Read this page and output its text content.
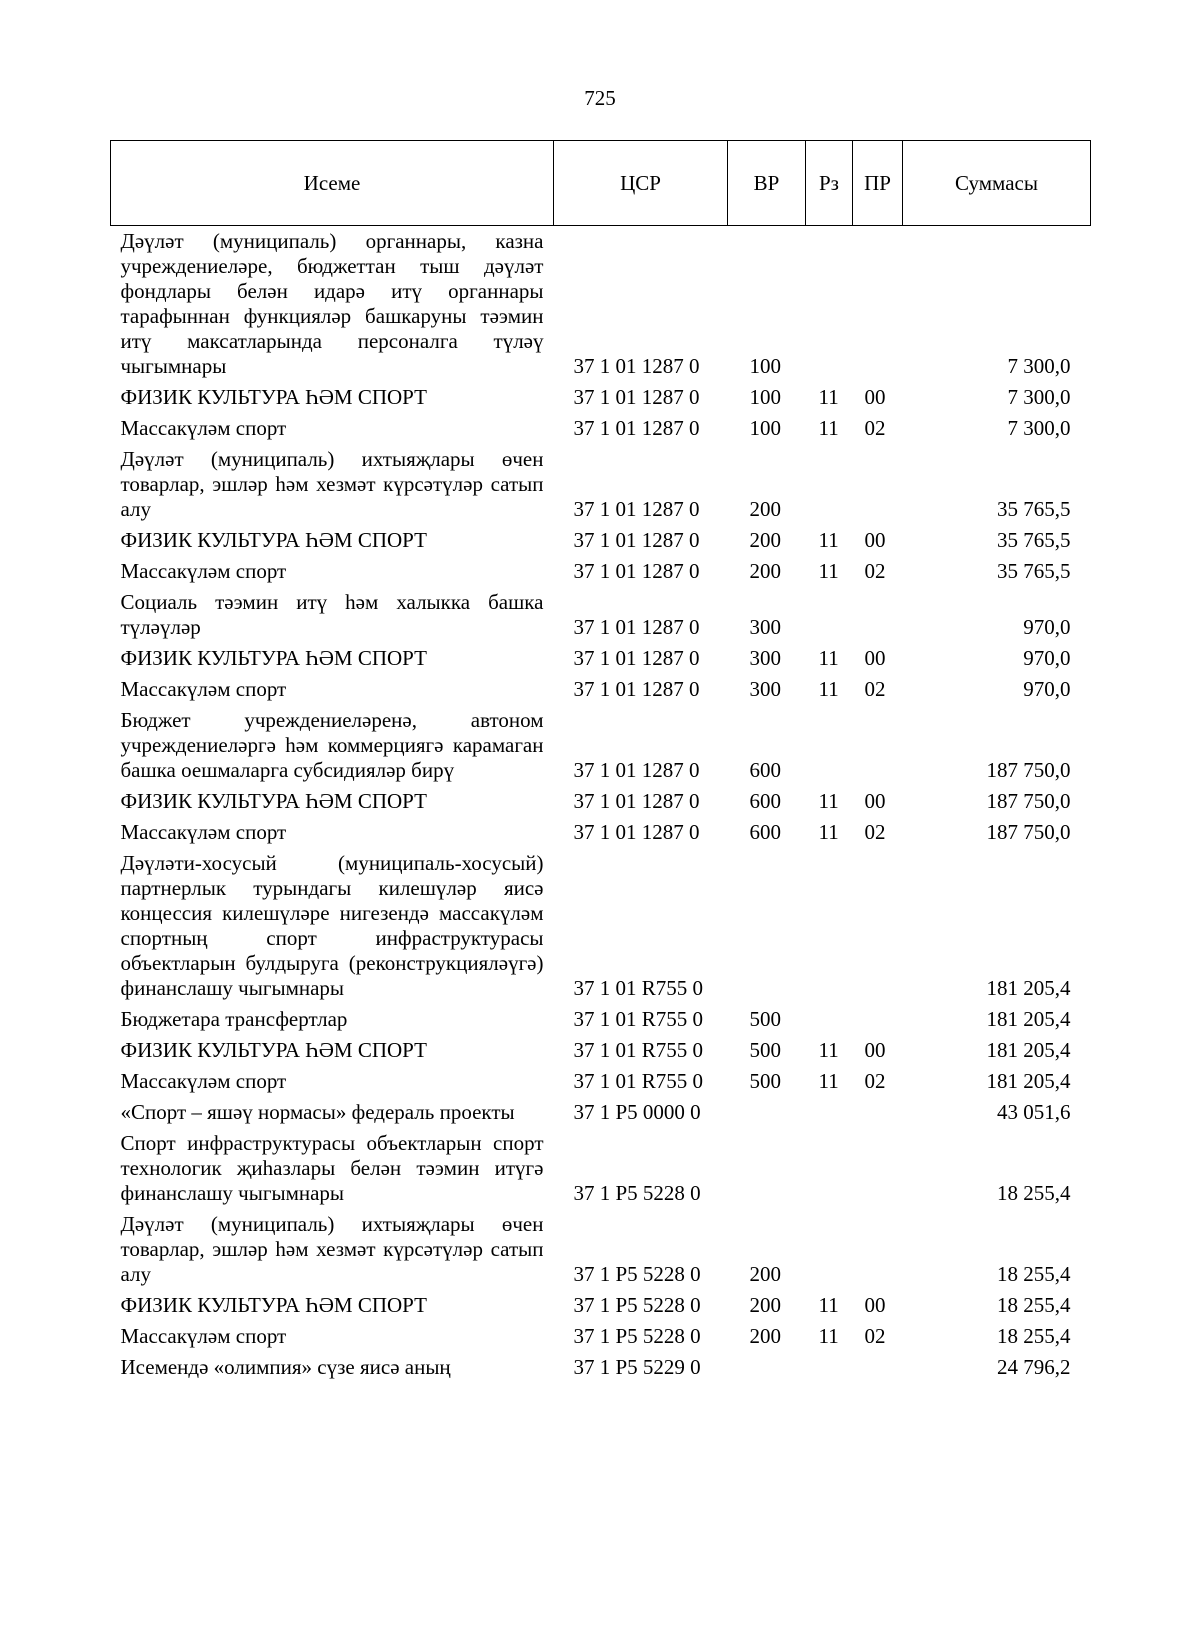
725
Исеме	ЦСР	ВР	Рз	ПР	Суммасы
Дәүләт (муниципаль) органнары, казна учреждениеләре, бюджеттан тыш дәүләт фондлары белән идарә итү органнары тарафыннан функцияләр башкаруны тәэмин итү максатларында персоналга түләү чыгымнары	37 1 01 1287 0	100			7 300,0
ФИЗИК КУЛЬТУРА ҺӘМ СПОРТ	37 1 01 1287 0	100	11	00	7 300,0
Массакүләм спорт	37 1 01 1287 0	100	11	02	7 300,0
Дәүләт (муниципаль) ихтыяҗлары өчен товарлар, эшләр һәм хезмәт күрсәтүләр сатып алу	37 1 01 1287 0	200			35 765,5
ФИЗИК КУЛЬТУРА ҺӘМ СПОРТ	37 1 01 1287 0	200	11	00	35 765,5
Массакүләм спорт	37 1 01 1287 0	200	11	02	35 765,5
Социаль тәэмин итү һәм халыкка башка түләүләр	37 1 01 1287 0	300			970,0
ФИЗИК КУЛЬТУРА ҺӘМ СПОРТ	37 1 01 1287 0	300	11	00	970,0
Массакүләм спорт	37 1 01 1287 0	300	11	02	970,0
Бюджет учреждениеләренә, автоном учреждениеләргә һәм коммерциягә карамаган башка оешмаларга субсидияләр бирү	37 1 01 1287 0	600			187 750,0
ФИЗИК КУЛЬТУРА ҺӘМ СПОРТ	37 1 01 1287 0	600	11	00	187 750,0
Массакүләм спорт	37 1 01 1287 0	600	11	02	187 750,0
Дәүләти-хосусый (муниципаль-хосусый) партнерлык турындагы килешүләр яисә концессия килешүләре нигезендә массакүләм спортның спорт инфраструктурасы объектларын булдыруга (реконструкцияләүгә) финанслашу чыгымнары	37 1 01 R755 0				181 205,4
Бюджетара трансфертлар	37 1 01 R755 0	500			181 205,4
ФИЗИК КУЛЬТУРА ҺӘМ СПОРТ	37 1 01 R755 0	500	11	00	181 205,4
Массакүләм спорт	37 1 01 R755 0	500	11	02	181 205,4
«Спорт – яшәү нормасы» федераль проекты	37 1 P5 0000 0				43 051,6
Спорт инфраструктурасы объектларын спорт технологик җиһазлары белән тәэмин итүгә финанслашу чыгымнары	37 1 P5 5228 0				18 255,4
Дәүләт (муниципаль) ихтыяҗлары өчен товарлар, эшләр һәм хезмәт күрсәтүләр сатып алу	37 1 P5 5228 0	200			18 255,4
ФИЗИК КУЛЬТУРА ҺӘМ СПОРТ	37 1 P5 5228 0	200	11	00	18 255,4
Массакүләм спорт	37 1 P5 5228 0	200	11	02	18 255,4
Исемендә «олимпия» сүзе яисә аның	37 1 P5 5229 0				24 796,2
